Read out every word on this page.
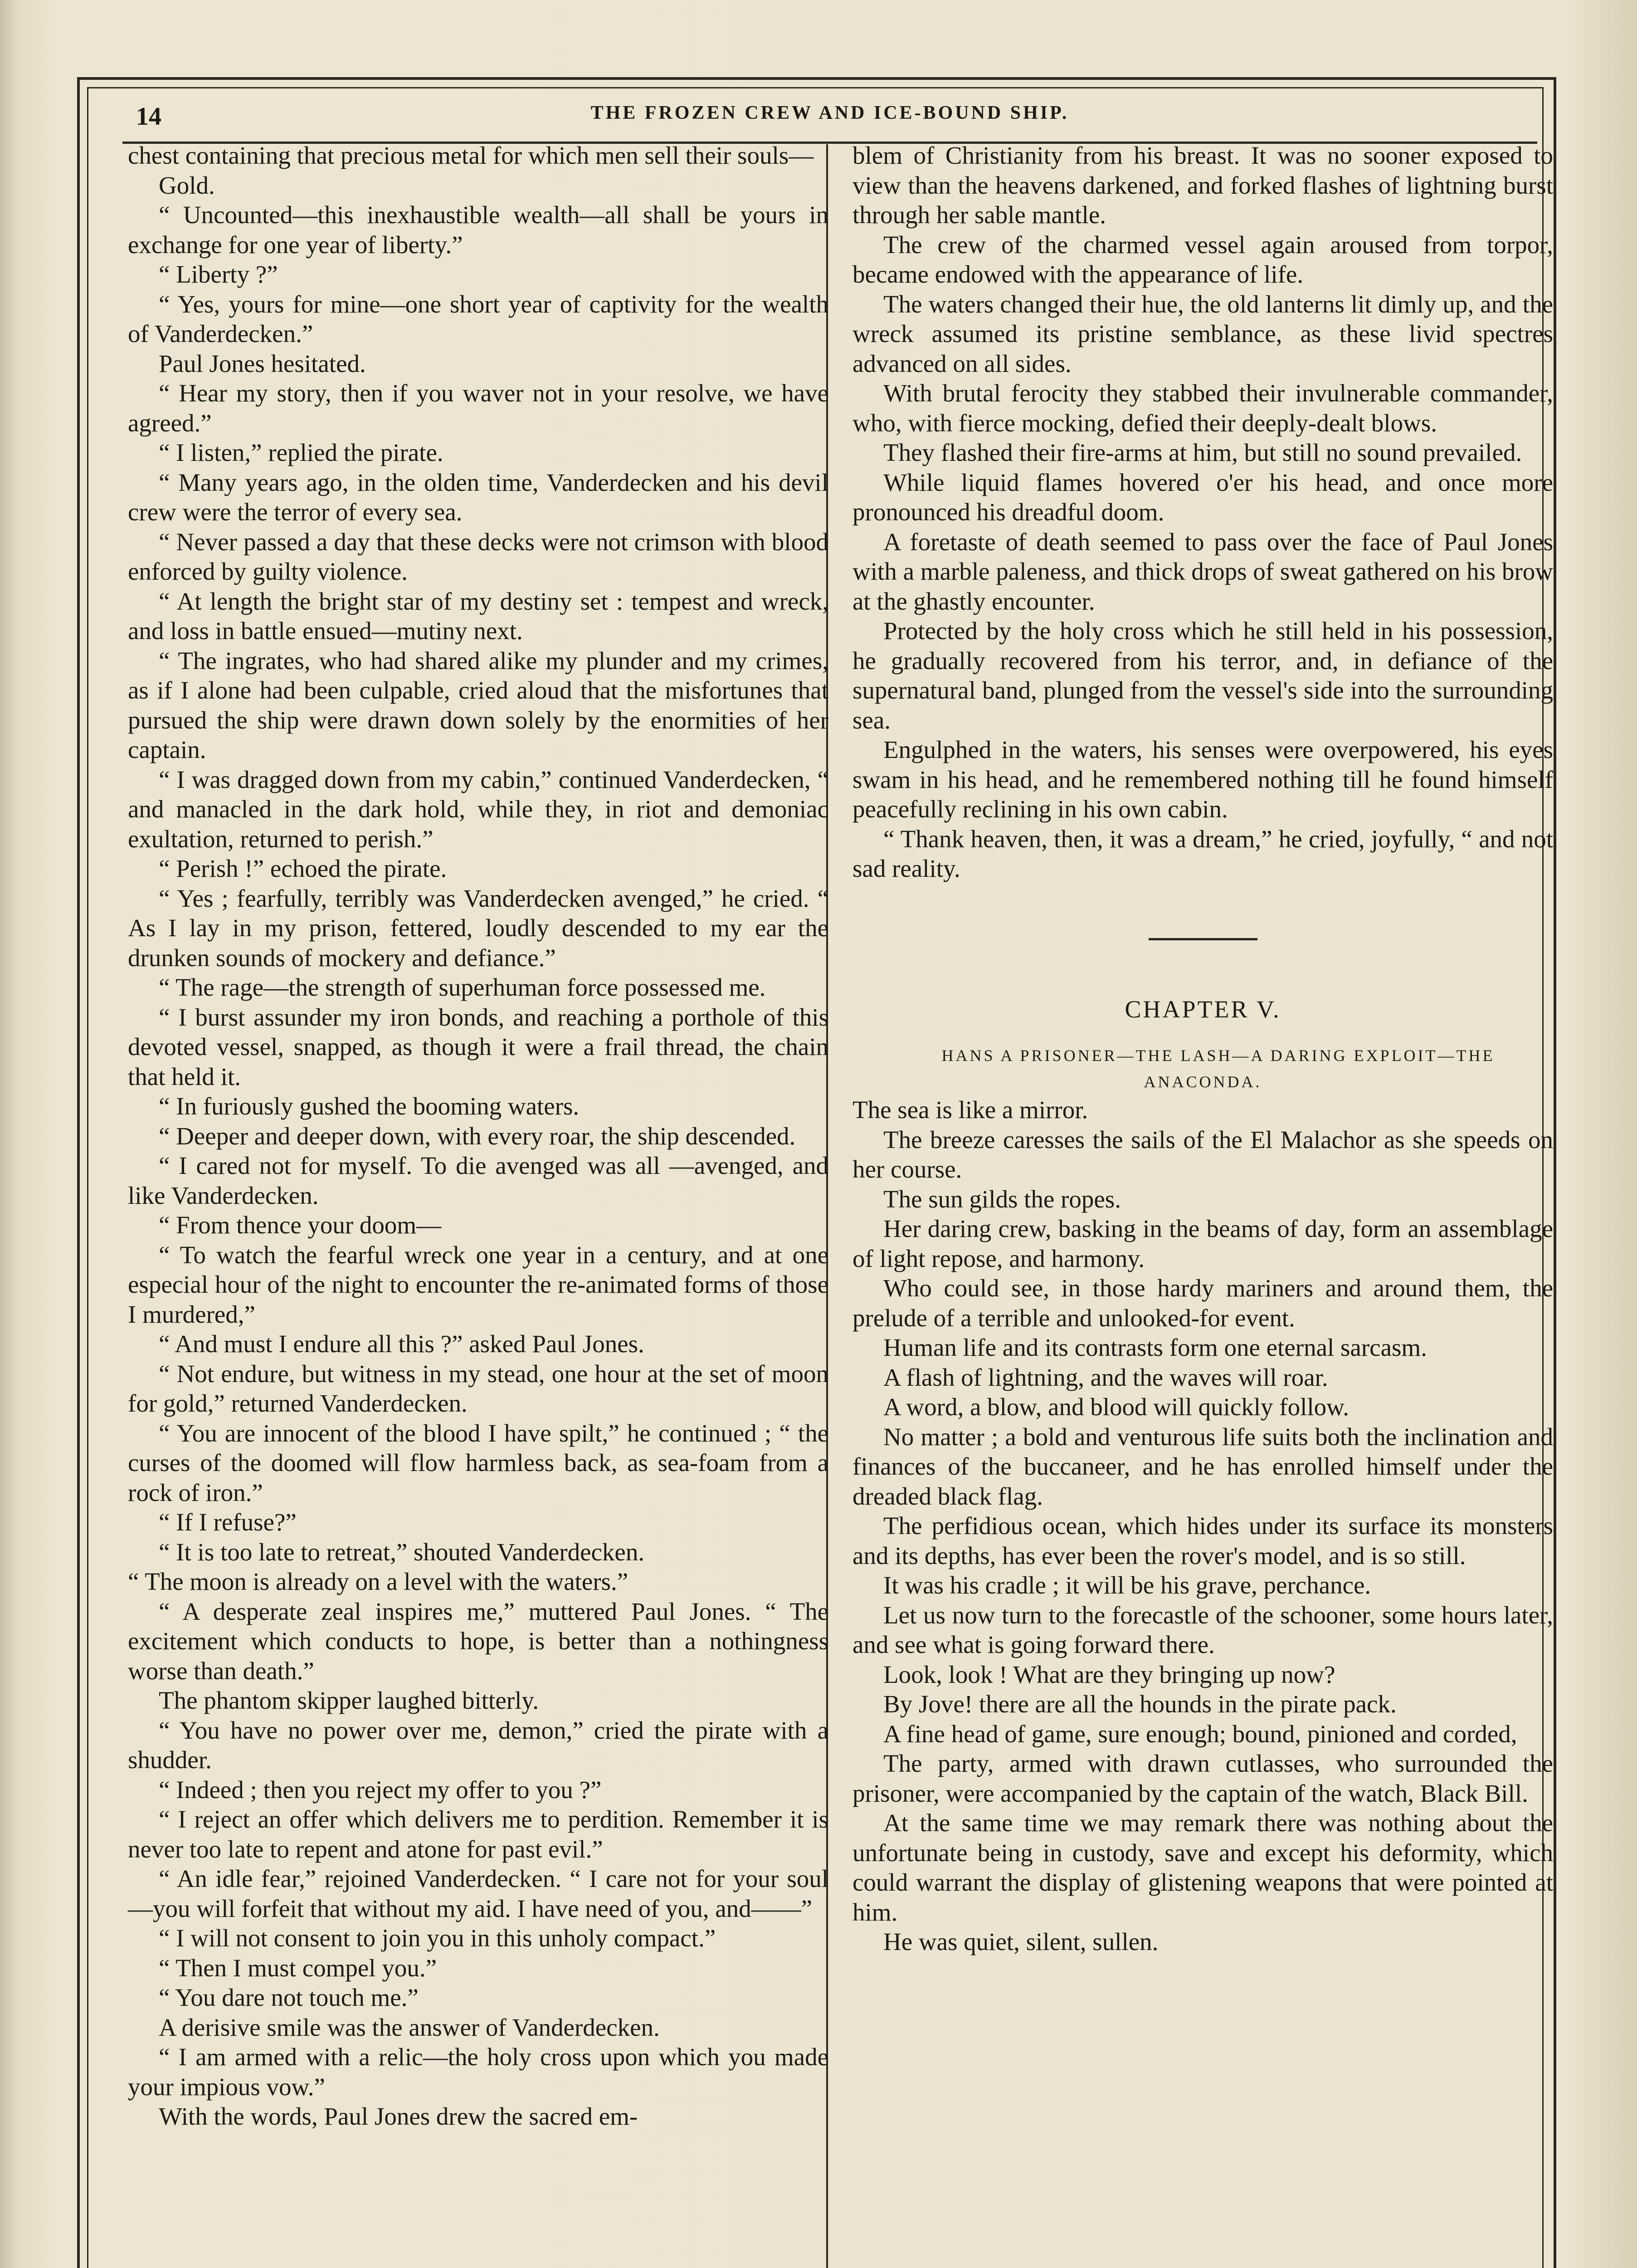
14	THE FROZEN CREW AND ICE-BOUND SHIP.

chest containing that precious metal for which men sell their souls—

Gold.

“ Uncounted—this inexhaustible wealth—all shall be yours in exchange for one year of liberty.”

“ Liberty ?”

“ Yes, yours for mine—one short year of captivity for the wealth of Vanderdecken.”

Paul Jones hesitated.

“ Hear my story, then if you waver not in your resolve, we have agreed.”

“ I listen,” replied the pirate.

“ Many years ago, in the olden time, Vanderdecken and his devil crew were the terror of every sea.

“ Never passed a day that these decks were not crimson with blood enforced by guilty violence.

“ At length the bright star of my destiny set : tempest and wreck, and loss in battle ensued—mutiny next.

“ The ingrates, who had shared alike my plunder and my crimes, as if I alone had been culpable, cried aloud that the misfortunes that pursued the ship were drawn down solely by the enormities of her captain.

“ I was dragged down from my cabin,” continued Vanderdecken, “ and manacled in the dark hold, while they, in riot and demoniac exultation, returned to perish.”

“ Perish !” echoed the pirate.

“ Yes ; fearfully, terribly was Vanderdecken avenged,” he cried. “ As I lay in my prison, fettered, loudly descended to my ear the drunken sounds of mockery and defiance.”

“ The rage—the strength of superhuman force possessed me.

“ I burst assunder my iron bonds, and reaching a porthole of this devoted vessel, snapped, as though it were a frail thread, the chain that held it.

“ In furiously gushed the booming waters.

“ Deeper and deeper down, with every roar, the ship descended.

“ I cared not for myself. To die avenged was all —avenged, and like Vanderdecken.

“ From thence your doom—

“ To watch the fearful wreck one year in a century, and at one especial hour of the night to encounter the re-animated forms of those I murdered,”

“ And must I endure all this ?” asked Paul Jones.

“ Not endure, but witness in my stead, one hour at the set of moon for gold,” returned Vanderdecken.

“ You are innocent of the blood I have spilt,” he continued ; “ the curses of the doomed will flow harmless back, as sea-foam from a rock of iron.”

“ If I refuse?”

“ It is too late to retreat,” shouted Vanderdecken.

“ The moon is already on a level with the waters.”

“ A desperate zeal inspires me,” muttered Paul Jones. “ The excitement which conducts to hope, is better than a nothingness worse than death.”

The phantom skipper laughed bitterly.

“ You have no power over me, demon,” cried the pirate with a shudder.

“ Indeed ; then you reject my offer to you ?”

“ I reject an offer which delivers me to perdition. Remember it is never too late to repent and atone for past evil.”

“ An idle fear,” rejoined Vanderdecken. “ I care not for your soul—you will forfeit that without my aid. I have need of you, and——”

“ I will not consent to join you in this unholy compact.”

“ Then I must compel you.”

“ You dare not touch me.”

A derisive smile was the answer of Vanderdecken.

“ I am armed with a relic—the holy cross upon which you made your impious vow.”

With the words, Paul Jones drew the sacred em-

blem of Christianity from his breast. It was no sooner exposed to view than the heavens darkened, and forked flashes of lightning burst through her sable mantle.

The crew of the charmed vessel again aroused from torpor, became endowed with the appearance of life.

The waters changed their hue, the old lanterns lit dimly up, and the wreck assumed its pristine semblance, as these livid spectres advanced on all sides.

With brutal ferocity they stabbed their invulnerable commander, who, with fierce mocking, defied their deeply-dealt blows.

They flashed their fire-arms at him, but still no sound prevailed.

While liquid flames hovered o'er his head, and once more pronounced his dreadful doom.

A foretaste of death seemed to pass over the face of Paul Jones with a marble paleness, and thick drops of sweat gathered on his brow at the ghastly encounter.

Protected by the holy cross which he still held in his possession, he gradually recovered from his terror, and, in defiance of the supernatural band, plunged from the vessel's side into the surrounding sea.

Engulphed in the waters, his senses were overpowered, his eyes swam in his head, and he remembered nothing till he found himself peacefully reclining in his own cabin.

“ Thank heaven, then, it was a dream,” he cried, joyfully, “ and not sad reality.

CHAPTER V.

HANS A PRISONER—THE LASH—A DARING EXPLOIT—THE ANACONDA.

The sea is like a mirror.

The breeze caresses the sails of the El Malachor as she speeds on her course.

The sun gilds the ropes.

Her daring crew, basking in the beams of day, form an assemblage of light repose, and harmony.

Who could see, in those hardy mariners and around them, the prelude of a terrible and unlooked-for event.

Human life and its contrasts form one eternal sarcasm.

A flash of lightning, and the waves will roar.

A word, a blow, and blood will quickly follow.

No matter ; a bold and venturous life suits both the inclination and finances of the buccaneer, and he has enrolled himself under the dreaded black flag.

The perfidious ocean, which hides under its surface its monsters and its depths, has ever been the rover's model, and is so still.

It was his cradle ; it will be his grave, perchance.

Let us now turn to the forecastle of the schooner, some hours later, and see what is going forward there.

Look, look ! What are they bringing up now?

By Jove! there are all the hounds in the pirate pack.

A fine head of game, sure enough; bound, pinioned and corded,

The party, armed with drawn cutlasses, who surrounded the prisoner, were accompanied by the captain of the watch, Black Bill.

At the same time we may remark there was nothing about the unfortunate being in custody, save and except his deformity, which could warrant the display of glistening weapons that were pointed at him.

He was quiet, silent, sullen.
